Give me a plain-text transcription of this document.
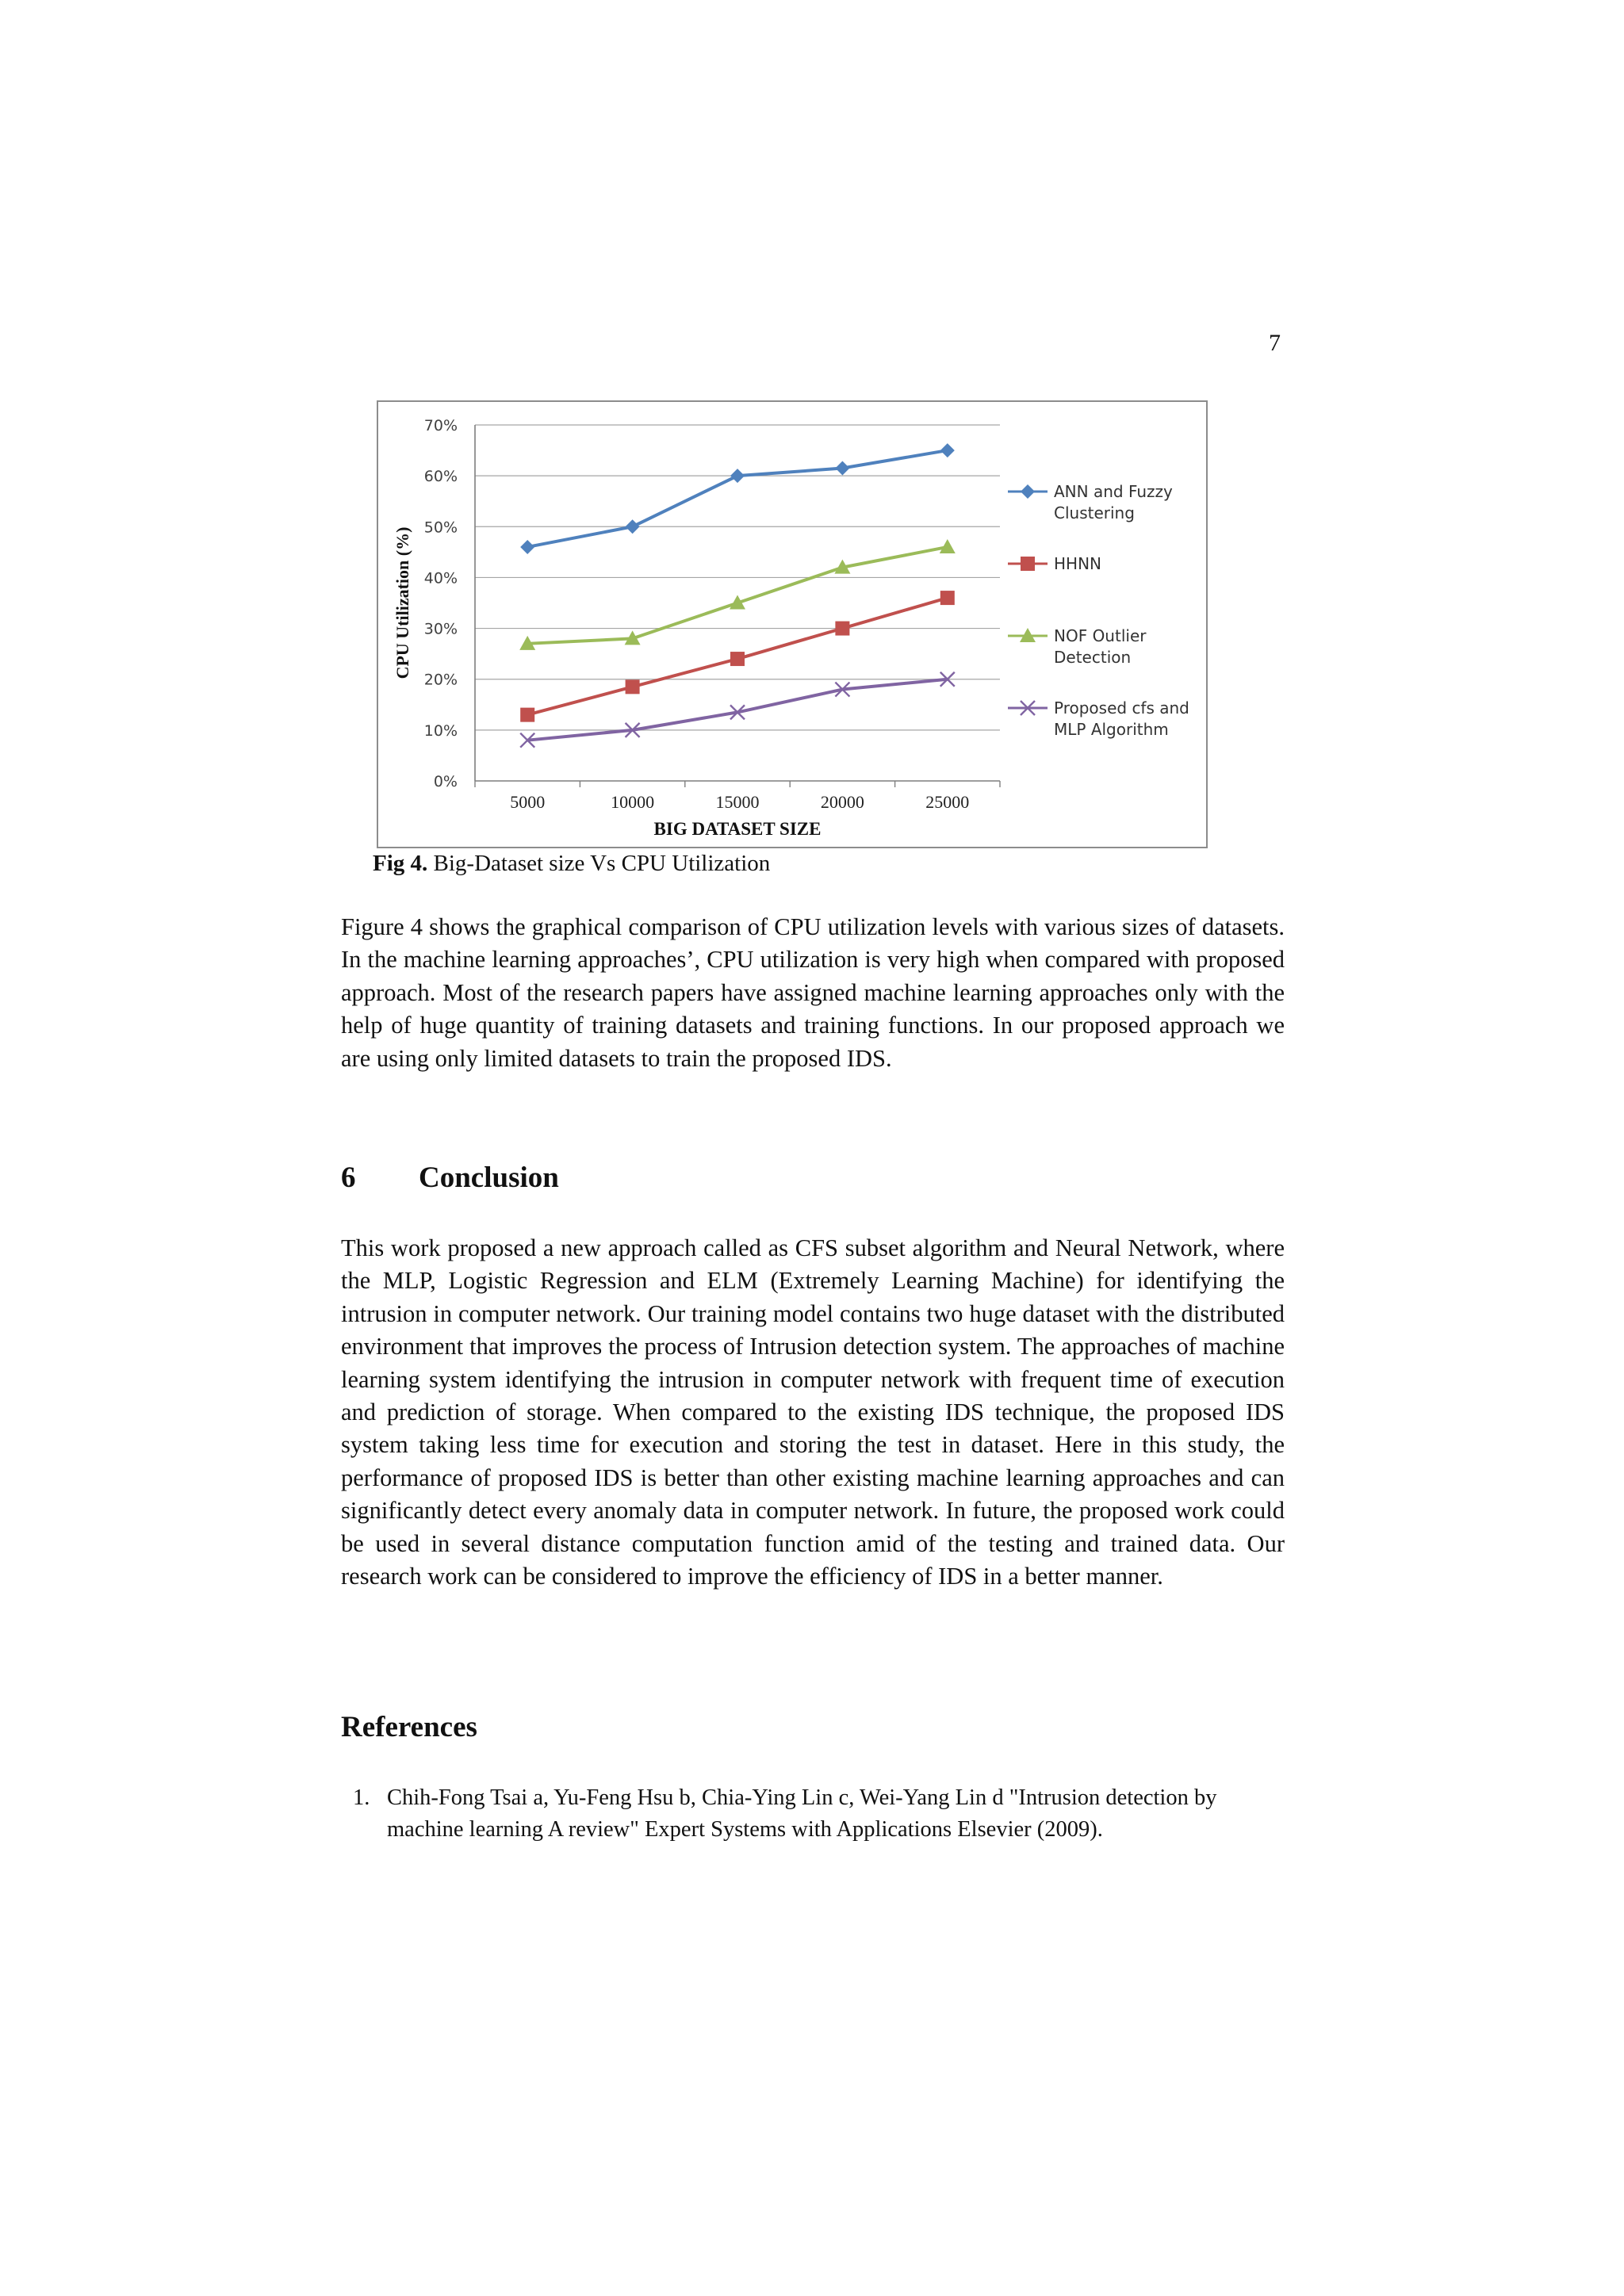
7
0%
10%
20%
30%
40%
50%
60%
70%
5000	10000	15000	20000	25000
BIG DATASET SIZE
CPU Utilization (%)
ANN and Fuzzy
Clustering
HHNN
NOF Outlier
Detection
Proposed cfs and
MLP Algorithm
Fig 4. Big-Dataset size Vs CPU Utilization

Figure 4 shows the graphical comparison of CPU utilization levels with various sizes of datasets. In the machine learning approaches’, CPU utilization is very high when compared with proposed approach. Most of the research papers have assigned machine learning approaches only with the help of huge quantity of training datasets and training functions. In our proposed approach we are using only limited datasets to train the proposed IDS.

6 Conclusion

This work proposed a new approach called as CFS subset algorithm and Neural Network, where the MLP, Logistic Regression and ELM (Extremely Learning Machine) for identifying the intrusion in computer network. Our training model contains two huge dataset with the distributed environment that improves the process of Intrusion detection system. The approaches of machine learning system identifying the intrusion in computer network with frequent time of execution and prediction of storage. When compared to the existing IDS technique, the proposed IDS system taking less time for execution and storing the test in dataset. Here in this study, the performance of proposed IDS is better than other existing machine learning approaches and can significantly detect every anomaly data in computer network. In future, the proposed work could be used in several distance computation function amid of the testing and trained data. Our research work can be considered to improve the efficiency of IDS in a better manner.

References
1. Chih-Fong Tsai a, Yu-Feng Hsu b, Chia-Ying Lin c, Wei-Yang Lin d "Intrusion detection by machine learning A review" Expert Systems with Applications Elsevier (2009).
